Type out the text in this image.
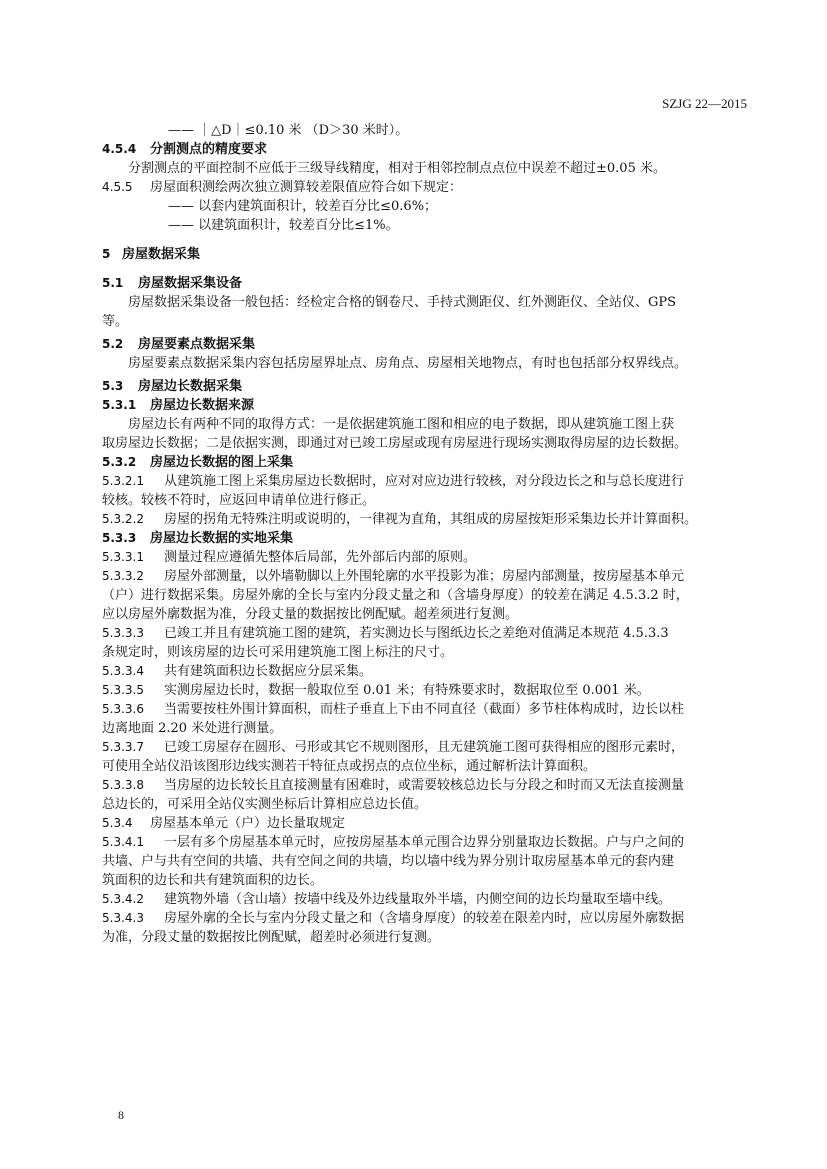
SZJG 22—2015
—— ｜△D｜≤0.10 米 （D＞30 米时）。
4.5.4 分割测点的精度要求
分割测点的平面控制不应低于三级导线精度，相对于相邻控制点点位中误差不超过±0.05 米。
4.5.5 房屋面积测绘两次独立测算较差限值应符合如下规定：
—— 以套内建筑面积计，较差百分比≤0.6%；
—— 以建筑面积计，较差百分比≤1%。
5 房屋数据采集
5.1 房屋数据采集设备
房屋数据采集设备一般包括：经检定合格的钢卷尺、手持式测距仪、红外测距仪、全站仪、GPS
等。
5.2 房屋要素点数据采集
房屋要素点数据采集内容包括房屋界址点、房角点、房屋相关地物点，有时也包括部分权界线点。
5.3 房屋边长数据采集
5.3.1 房屋边长数据来源
房屋边长有两种不同的取得方式：一是依据建筑施工图和相应的电子数据，即从建筑施工图上获
取房屋边长数据；二是依据实测，即通过对已竣工房屋或现有房屋进行现场实测取得房屋的边长数据。
5.3.2 房屋边长数据的图上采集
5.3.2.1 从建筑施工图上采集房屋边长数据时，应对对应边进行较核，对分段边长之和与总长度进行
较核。较核不符时，应返回申请单位进行修正。
5.3.2.2 房屋的拐角无特殊注明或说明的，一律视为直角，其组成的房屋按矩形采集边长并计算面积。
5.3.3 房屋边长数据的实地采集
5.3.3.1 测量过程应遵循先整体后局部，先外部后内部的原则。
5.3.3.2 房屋外部测量，以外墙勒脚以上外围轮廓的水平投影为准；房屋内部测量，按房屋基本单元
（户）进行数据采集。房屋外廓的全长与室内分段丈量之和（含墙身厚度）的较差在满足 4.5.3.2 时，
应以房屋外廓数据为准，分段丈量的数据按比例配赋。超差须进行复测。
5.3.3.3 已竣工并且有建筑施工图的建筑，若实测边长与图纸边长之差绝对值满足本规范 4.5.3.3
条规定时，则该房屋的边长可采用建筑施工图上标注的尺寸。
5.3.3.4 共有建筑面积边长数据应分层采集。
5.3.3.5 实测房屋边长时，数据一般取位至 0.01 米；有特殊要求时，数据取位至 0.001 米。
5.3.3.6 当需要按柱外围计算面积，而柱子垂直上下由不同直径（截面）多节柱体构成时，边长以柱
边离地面 2.20 米处进行测量。
5.3.3.7 已竣工房屋存在圆形、弓形或其它不规则图形，且无建筑施工图可获得相应的图形元素时，
可使用全站仪沿该图形边线实测若干特征点或拐点的点位坐标，通过解析法计算面积。
5.3.3.8 当房屋的边长较长且直接测量有困难时，或需要较核总边长与分段之和时而又无法直接测量
总边长的，可采用全站仪实测坐标后计算相应总边长值。
5.3.4 房屋基本单元（户）边长量取规定
5.3.4.1 一层有多个房屋基本单元时，应按房屋基本单元围合边界分别量取边长数据。户与户之间的
共墙、户与共有空间的共墙、共有空间之间的共墙，均以墙中线为界分别计取房屋基本单元的套内建
筑面积的边长和共有建筑面积的边长。
5.3.4.2 建筑物外墙（含山墙）按墙中线及外边线量取外半墙，内侧空间的边长均量取至墙中线。
5.3.4.3 房屋外廓的全长与室内分段丈量之和（含墙身厚度）的较差在限差内时，应以房屋外廓数据
为准，分段丈量的数据按比例配赋，超差时必须进行复测。
8
